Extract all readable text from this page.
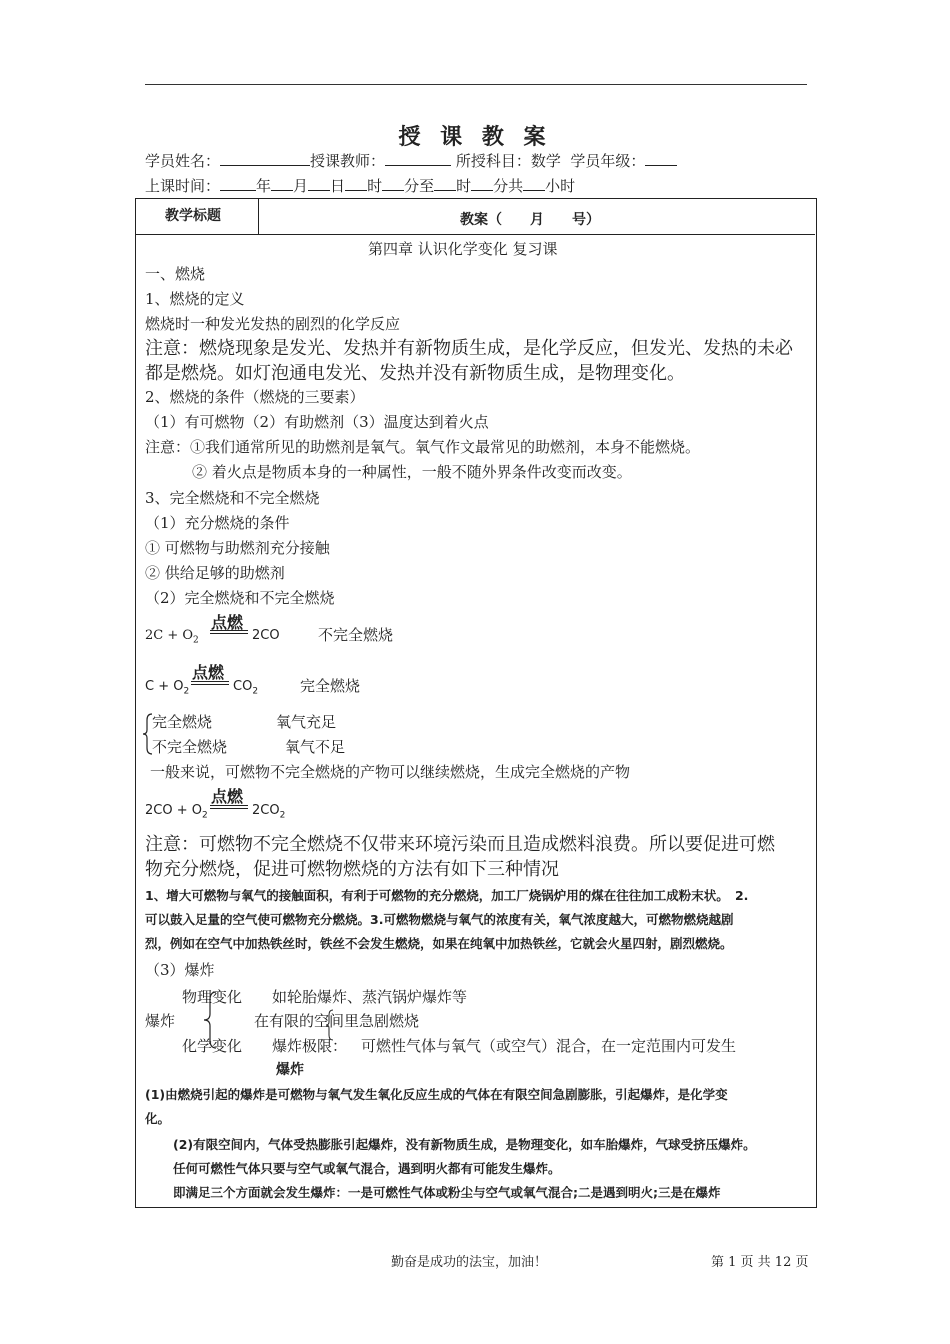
授 课 教 案
学员姓名：	授课教师：	所授科目：数学 学员年级：
上课时间： 年 月 日 时 分至 时 分共 小时
教学标题	教案（　　月　　号）
第四章 认识化学变化 复习课
一、燃烧
1、燃烧的定义
燃烧时一种发光发热的剧烈的化学反应
注意：燃烧现象是发光、发热并有新物质生成，是化学反应，但发光、发热的未必
都是燃烧。如灯泡通电发光、发热并没有新物质生成，是物理变化。
2、燃烧的条件（燃烧的三要素）
（1）有可燃物（2）有助燃剂（3）温度达到着火点
注意：①我们通常所见的助燃剂是氧气。氧气作文最常见的助燃剂，本身不能燃烧。
② 着火点是物质本身的一种属性，一般不随外界条件改变而改变。
3、完全燃烧和不完全燃烧
（1）充分燃烧的条件
① 可燃物与助燃剂充分接触
② 供给足够的助燃剂
（2）完全燃烧和不完全燃烧
$2C + O_2$
点燃
2CO	不完全燃烧
$C + O_2$
点燃
$CO_2$	完全燃烧
完全燃烧	氧气充足
不完全燃烧	氧气不足
一般来说，可燃物不完全燃烧的产物可以继续燃烧，生成完全燃烧的产物
$2CO + O_2$
点燃
$2CO_2$
注意：可燃物不完全燃烧不仅带来环境污染而且造成燃料浪费。所以要促进可燃
物充分燃烧，促进可燃物燃烧的方法有如下三种情况
1、增大可燃物与氧气的接触面积，有利于可燃物的充分燃烧，加工厂烧锅炉用的煤在往往加工成粉末状。　2.
可以鼓入足量的空气使可燃物充分燃烧。3.可燃物燃烧与氧气的浓度有关，氧气浓度越大，可燃物燃烧越剧
烈，例如在空气中加热铁丝时，铁丝不会发生燃烧，如果在纯氧中加热铁丝，它就会火星四射，剧烈燃烧。
（3）爆炸
物理变化 如轮胎爆炸、蒸汽锅炉爆炸等
爆炸	在有限的空间里急剧燃烧
化学变化 爆炸极限： 可燃性气体与氧气（或空气）混合，在一定范围内可发生
爆炸
(1)由燃烧引起的爆炸是可燃物与氧气发生氧化反应生成的气体在有限空间急剧膨胀，引起爆炸，是化学变
化。
(2)有限空间内，气体受热膨胀引起爆炸，没有新物质生成，是物理变化，如车胎爆炸，气球受挤压爆炸。
任何可燃性气体只要与空气或氧气混合，遇到明火都有可能发生爆炸。
即满足三个方面就会发生爆炸：一是可燃性气体或粉尘与空气或氧气混合;二是遇到明火;三是在爆炸
勤奋是成功的法宝，加油！	第 1 页 共 12 页
